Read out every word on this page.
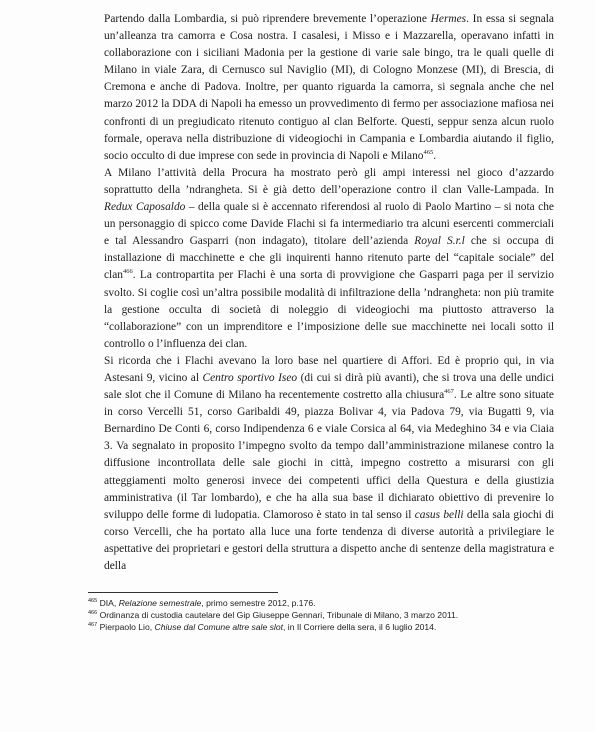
Partendo dalla Lombardia, si può riprendere brevemente l’operazione Hermes. In essa si segnala un’alleanza tra camorra e Cosa nostra. I casalesi, i Misso e i Mazzarella, operavano infatti in collaborazione con i siciliani Madonia per la gestione di varie sale bingo, tra le quali quelle di Milano in viale Zara, di Cernusco sul Naviglio (MI), di Cologno Monzese (MI), di Brescia, di Cremona e anche di Padova. Inoltre, per quanto riguarda la camorra, si segnala anche che nel marzo 2012 la DDA di Napoli ha emesso un provvedimento di fermo per associazione mafiosa nei confronti di un pregiudicato ritenuto contiguo al clan Belforte. Questi, seppur senza alcun ruolo formale, operava nella distribuzione di videogiochi in Campania e Lombardia aiutando il figlio, socio occulto di due imprese con sede in provincia di Napoli e Milano$^{465}$.

A Milano l’attività della Procura ha mostrato però gli ampi interessi nel gioco d’azzardo soprattutto della ’ndrangheta. Si è già detto dell’operazione contro il clan Valle-Lampada. In Redux Caposaldo – della quale si è accennato riferendosi al ruolo di Paolo Martino – si nota che un personaggio di spicco come Davide Flachi si fa intermediario tra alcuni esercenti commerciali e tal Alessandro Gasparri (non indagato), titolare dell’azienda Royal S.r.l che si occupa di installazione di macchinette e che gli inquirenti hanno ritenuto parte del “capitale sociale” del clan$^{466}$. La contropartita per Flachi è una sorta di provvigione che Gasparri paga per il servizio svolto. Si coglie così un’altra possibile modalità di infiltrazione della ’ndrangheta: non più tramite la gestione occulta di società di noleggio di videogiochi ma piuttosto attraverso la “collaborazione” con un imprenditore e l’imposizione delle sue macchinette nei locali sotto il controllo o l’influenza dei clan.

Si ricorda che i Flachi avevano la loro base nel quartiere di Affori. Ed è proprio qui, in via Astesani 9, vicino al Centro sportivo Iseo (di cui si dirà più avanti), che si trova una delle undici sale slot che il Comune di Milano ha recentemente costretto alla chiusura$^{467}$. Le altre sono situate in corso Vercelli 51, corso Garibaldi 49, piazza Bolivar 4, via Padova 79, via Bugatti 9, via Bernardino De Conti 6, corso Indipendenza 6 e viale Corsica al 64, via Medeghino 34 e via Ciaia 3. Va segnalato in proposito l’impegno svolto da tempo dall’amministrazione milanese contro la diffusione incontrollata delle sale giochi in città, impegno costretto a misurarsi con gli atteggiamenti molto generosi invece dei competenti uffici della Questura e della giustizia amministrativa (il Tar lombardo), e che ha alla sua base il dichiarato obiettivo di prevenire lo sviluppo delle forme di ludopatia. Clamoroso è stato in tal senso il casus belli della sala giochi di corso Vercelli, che ha portato alla luce una forte tendenza di diverse autorità a privilegiare le aspettative dei proprietari e gestori della struttura a dispetto anche di sentenze della magistratura e della

$^{465}$ DIA, Relazione semestrale, primo semestre 2012, p.176.
$^{466}$ Ordinanza di custodia cautelare del Gip Giuseppe Gennari, Tribunale di Milano, 3 marzo 2011.
$^{467}$ Pierpaolo Lio, Chiuse dal Comune altre sale slot, in Il Corriere della sera, il 6 luglio 2014.
